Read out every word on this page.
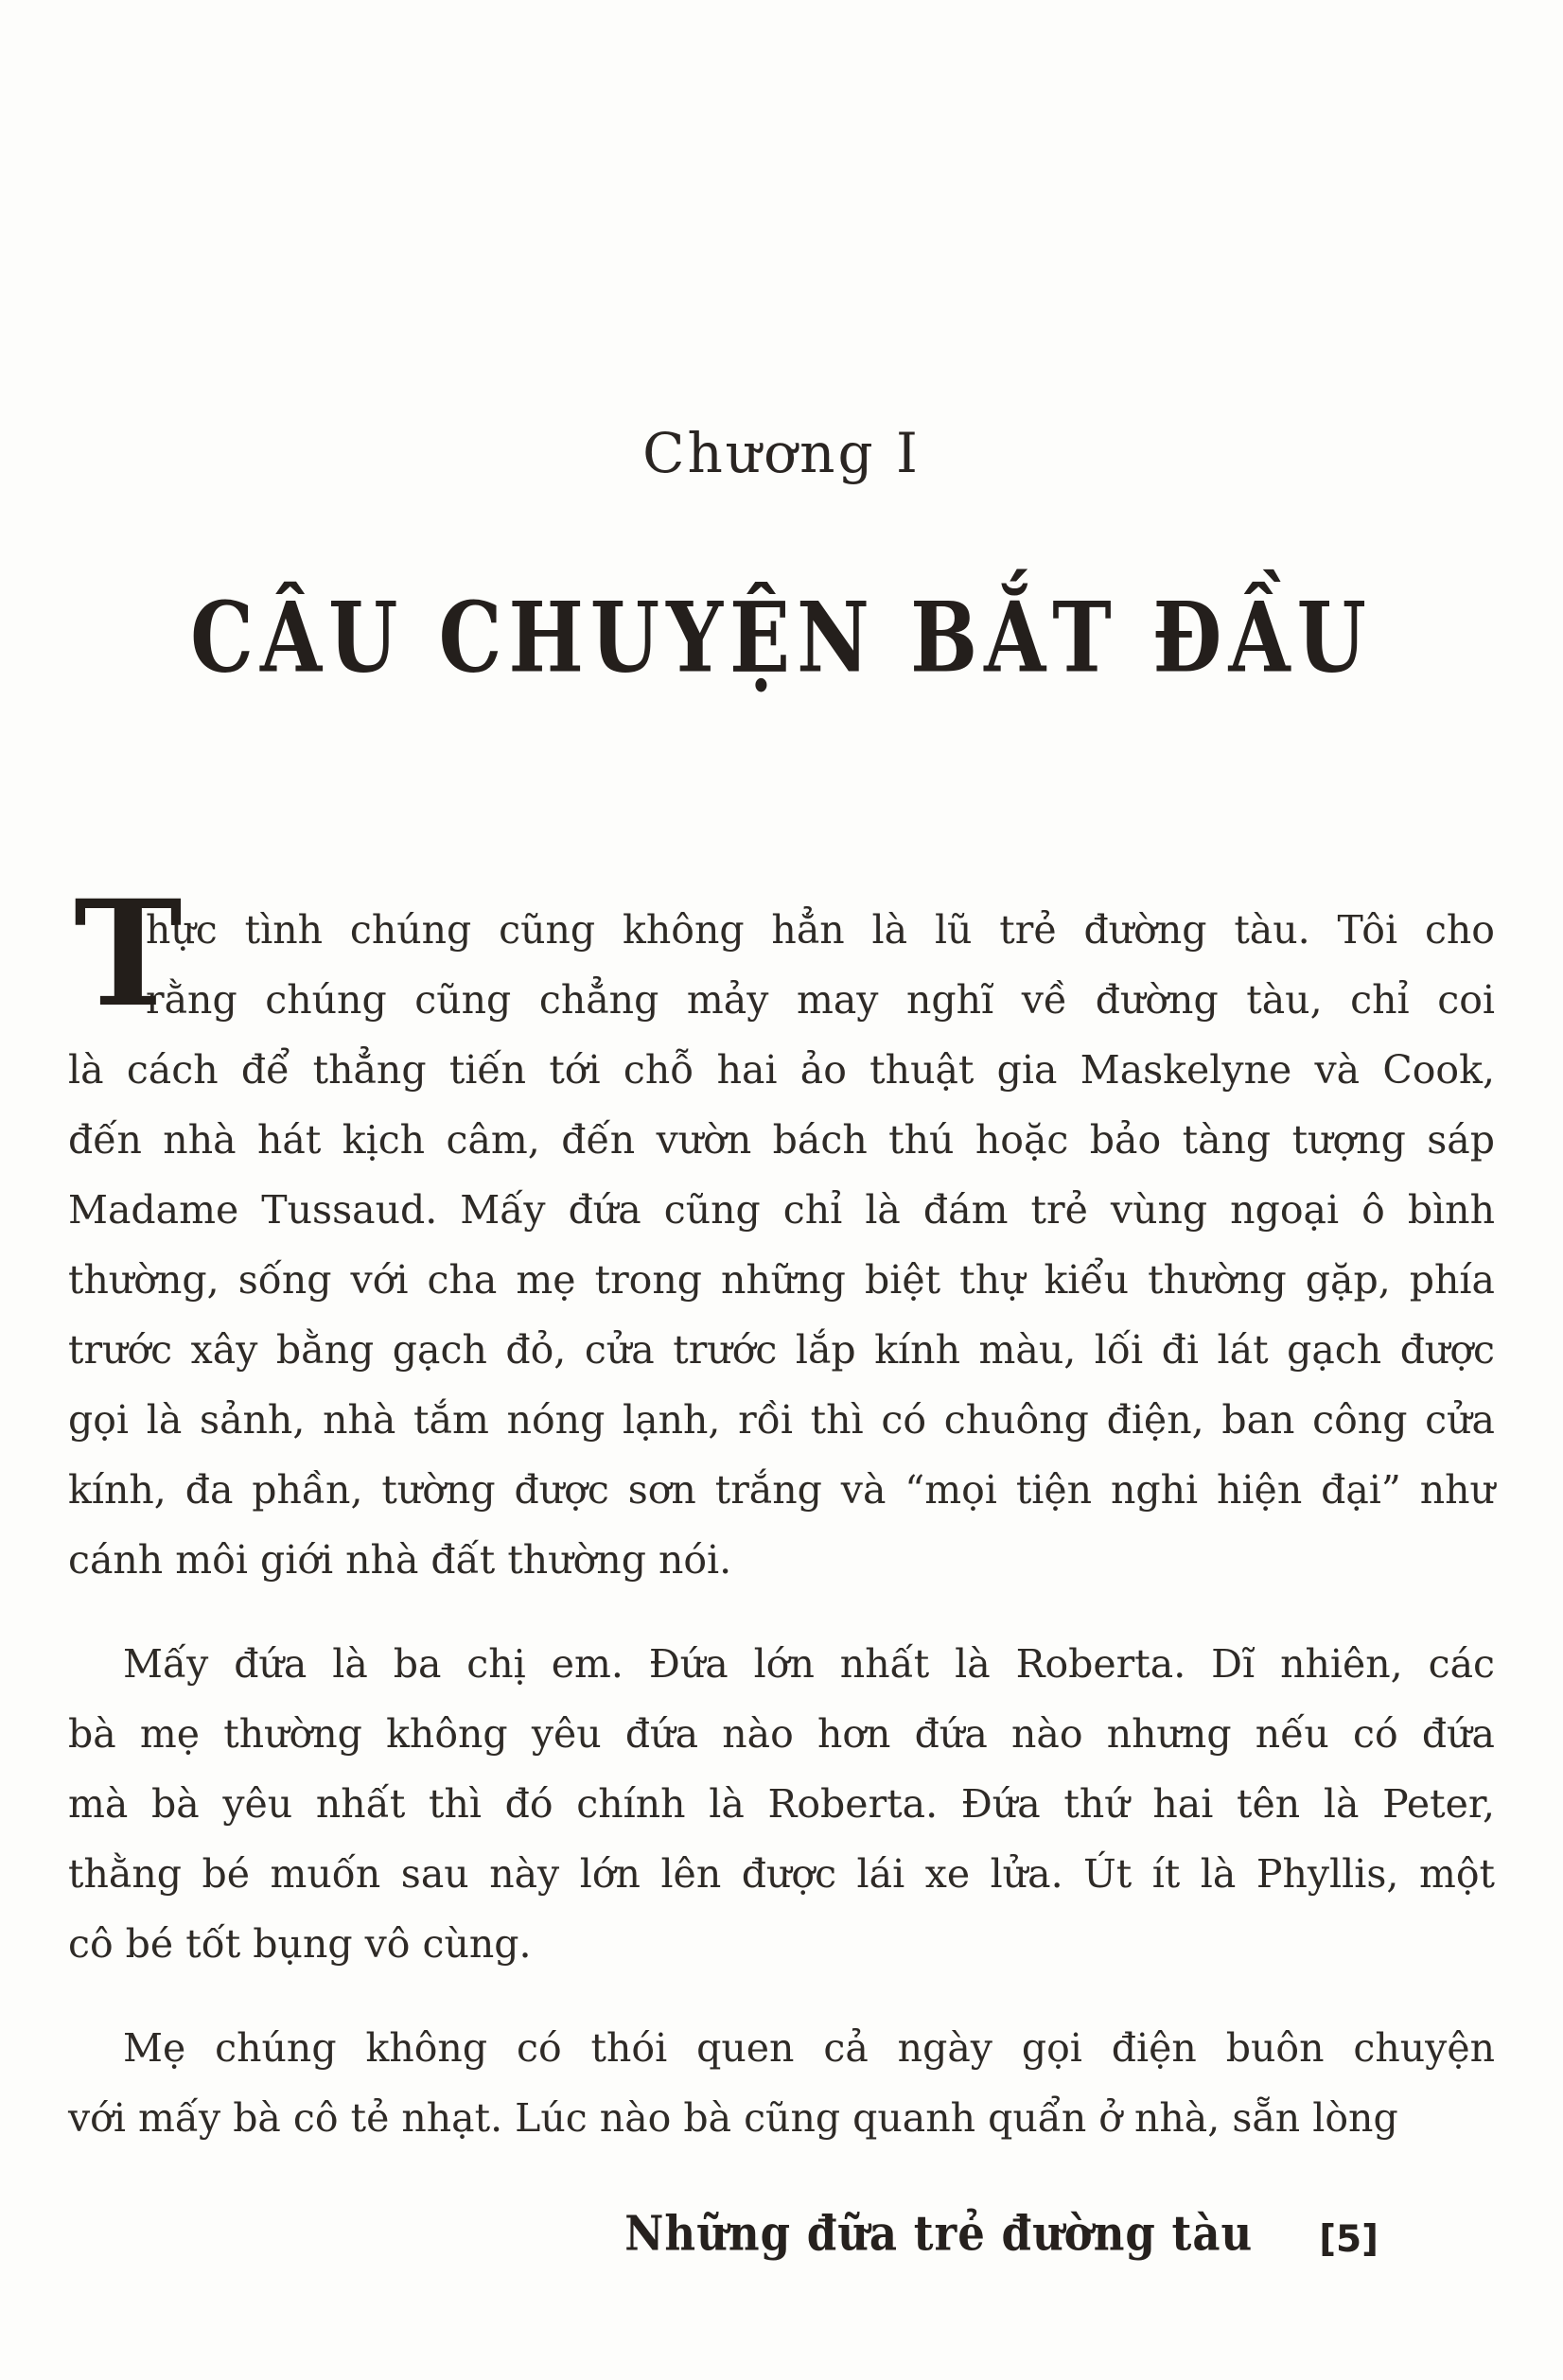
Chương I
CÂU CHUYỆN BẮT ĐẦU
T
hực tình chúng cũng không hẳn là lũ trẻ đường tàu. Tôi cho
rằng chúng cũng chẳng mảy may nghĩ về đường tàu, chỉ coi
là cách để thẳng tiến tới chỗ hai ảo thuật gia Maskelyne và Cook,
đến nhà hát kịch câm, đến vườn bách thú hoặc bảo tàng tượng sáp
Madame Tussaud. Mấy đứa cũng chỉ là đám trẻ vùng ngoại ô bình
thường, sống với cha mẹ trong những biệt thự kiểu thường gặp, phía
trước xây bằng gạch đỏ, cửa trước lắp kính màu, lối đi lát gạch được
gọi là sảnh, nhà tắm nóng lạnh, rồi thì có chuông điện, ban công cửa
kính, đa phần, tường được sơn trắng và “mọi tiện nghi hiện đại” như
cánh môi giới nhà đất thường nói.
Mấy đứa là ba chị em. Đứa lớn nhất là Roberta. Dĩ nhiên, các
bà mẹ thường không yêu đứa nào hơn đứa nào nhưng nếu có đứa
mà bà yêu nhất thì đó chính là Roberta. Đứa thứ hai tên là Peter,
thằng bé muốn sau này lớn lên được lái xe lửa. Út ít là Phyllis, một
cô bé tốt bụng vô cùng.
Mẹ chúng không có thói quen cả ngày gọi điện buôn chuyện
với mấy bà cô tẻ nhạt. Lúc nào bà cũng quanh quẩn ở nhà, sẵn lòng
Những đữa trẻ đường tàu [5]
